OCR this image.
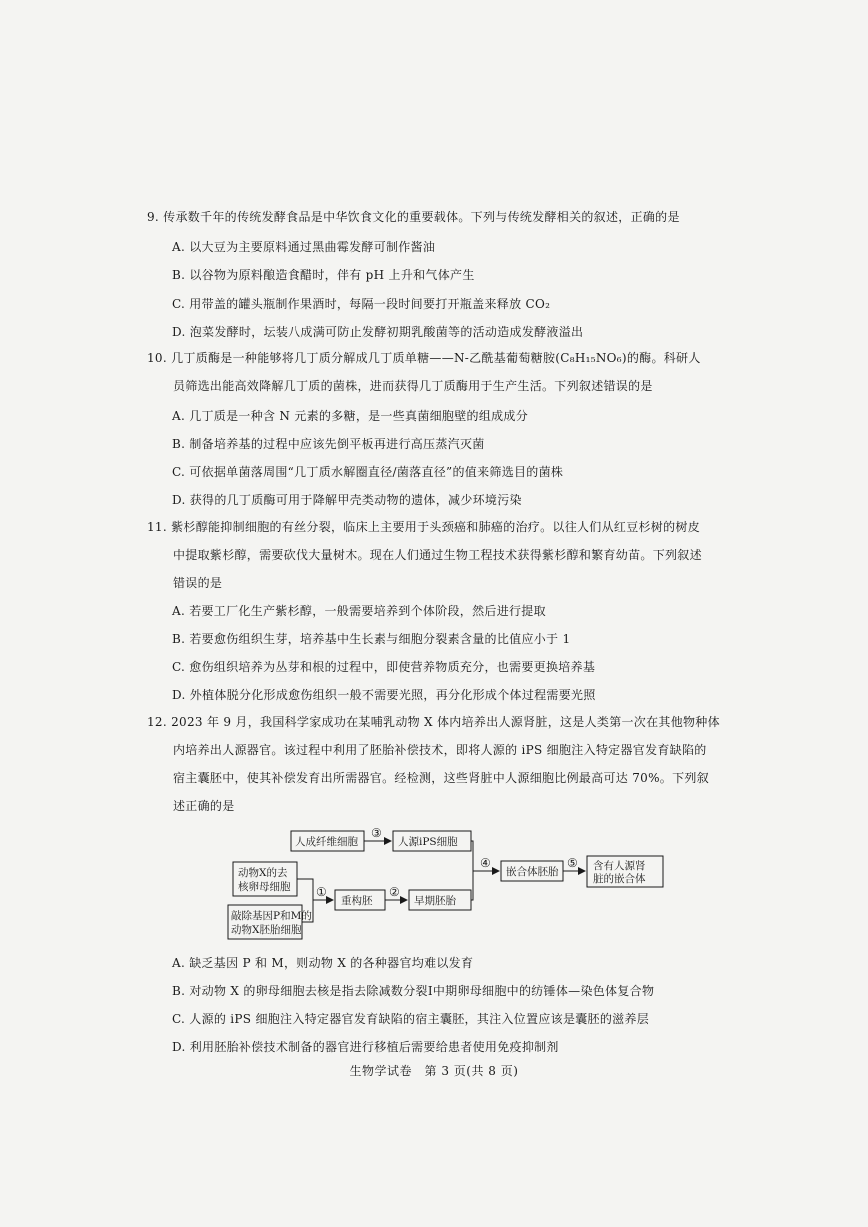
9. 传承数千年的传统发酵食品是中华饮食文化的重要载体。下列与传统发酵相关的叙述，正确的是
A. 以大豆为主要原料通过黑曲霉发酵可制作酱油
B. 以谷物为原料酿造食醋时，伴有 pH 上升和气体产生
C. 用带盖的罐头瓶制作果酒时，每隔一段时间要打开瓶盖来释放 CO₂
D. 泡菜发酵时，坛装八成满可防止发酵初期乳酸菌等的活动造成发酵液溢出
10. 几丁质酶是一种能够将几丁质分解成几丁质单糖——N-乙酰基葡萄糖胺(C₈H₁₅NO₆)的酶。科研人
员筛选出能高效降解几丁质的菌株，进而获得几丁质酶用于生产生活。下列叙述错误的是
A. 几丁质是一种含 N 元素的多糖，是一些真菌细胞壁的组成成分
B. 制备培养基的过程中应该先倒平板再进行高压蒸汽灭菌
C. 可依据单菌落周围“几丁质水解圈直径/菌落直径”的值来筛选目的菌株
D. 获得的几丁质酶可用于降解甲壳类动物的遗体，减少环境污染
11. 紫杉醇能抑制细胞的有丝分裂，临床上主要用于头颈癌和肺癌的治疗。以往人们从红豆杉树的树皮
中提取紫杉醇，需要砍伐大量树木。现在人们通过生物工程技术获得紫杉醇和繁育幼苗。下列叙述
错误的是
A. 若要工厂化生产紫杉醇，一般需要培养到个体阶段，然后进行提取
B. 若要愈伤组织生芽，培养基中生长素与细胞分裂素含量的比值应小于 1
C. 愈伤组织培养为丛芽和根的过程中，即使营养物质充分，也需要更换培养基
D. 外植体脱分化形成愈伤组织一般不需要光照，再分化形成个体过程需要光照
12. 2023 年 9 月，我国科学家成功在某哺乳动物 X 体内培养出人源肾脏，这是人类第一次在其他物种体
内培养出人源器官。该过程中利用了胚胎补偿技术，即将人源的 iPS 细胞注入特定器官发育缺陷的
宿主囊胚中，使其补偿发育出所需器官。经检测，这些肾脏中人源细胞比例最高可达 70%。下列叙
述正确的是
人成纤维细胞	人源iPS细胞
动物X的去
核卵母细胞
敲除基因P和M的
动物X胚胎细胞
重构胚	早期胚胎
嵌合体胚胎	含有人源肾
脏的嵌合体
③
①	②
④	⑤
A. 缺乏基因 P 和 M，则动物 X 的各种器官均难以发育
B. 对动物 X 的卵母细胞去核是指去除减数分裂Ⅰ中期卵母细胞中的纺锤体—染色体复合物
C. 人源的 iPS 细胞注入特定器官发育缺陷的宿主囊胚，其注入位置应该是囊胚的滋养层
D. 利用胚胎补偿技术制备的器官进行移植后需要给患者使用免疫抑制剂
生物学试卷　第 3 页(共 8 页)
